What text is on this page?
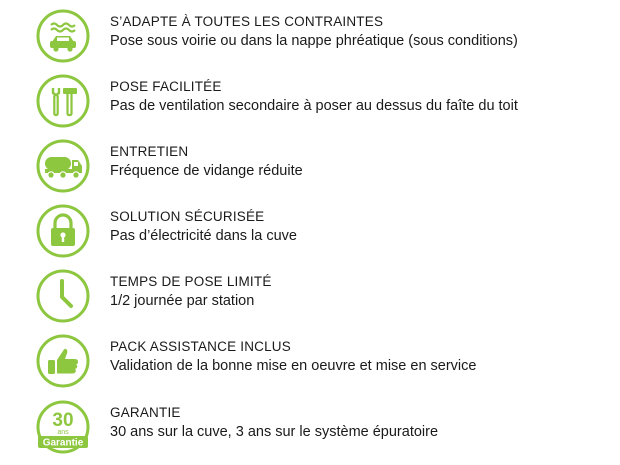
S’ADAPTE À TOUTES LES CONTRAINTES
Pose sous voirie ou dans la nappe phréatique (sous conditions)
POSE FACILITÉE
Pas de ventilation secondaire à poser au dessus du faîte du toit
ENTRETIEN
Fréquence de vidange réduite
SOLUTION SÉCURISÉE
Pas d’électricité dans la cuve
TEMPS DE POSE LIMITÉ
1/2 journée par station
PACK ASSISTANCE INCLUS
Validation de la bonne mise en oeuvre et mise en service
30
ans
Garantie
GARANTIE
30 ans sur la cuve, 3 ans sur le système épuratoire
